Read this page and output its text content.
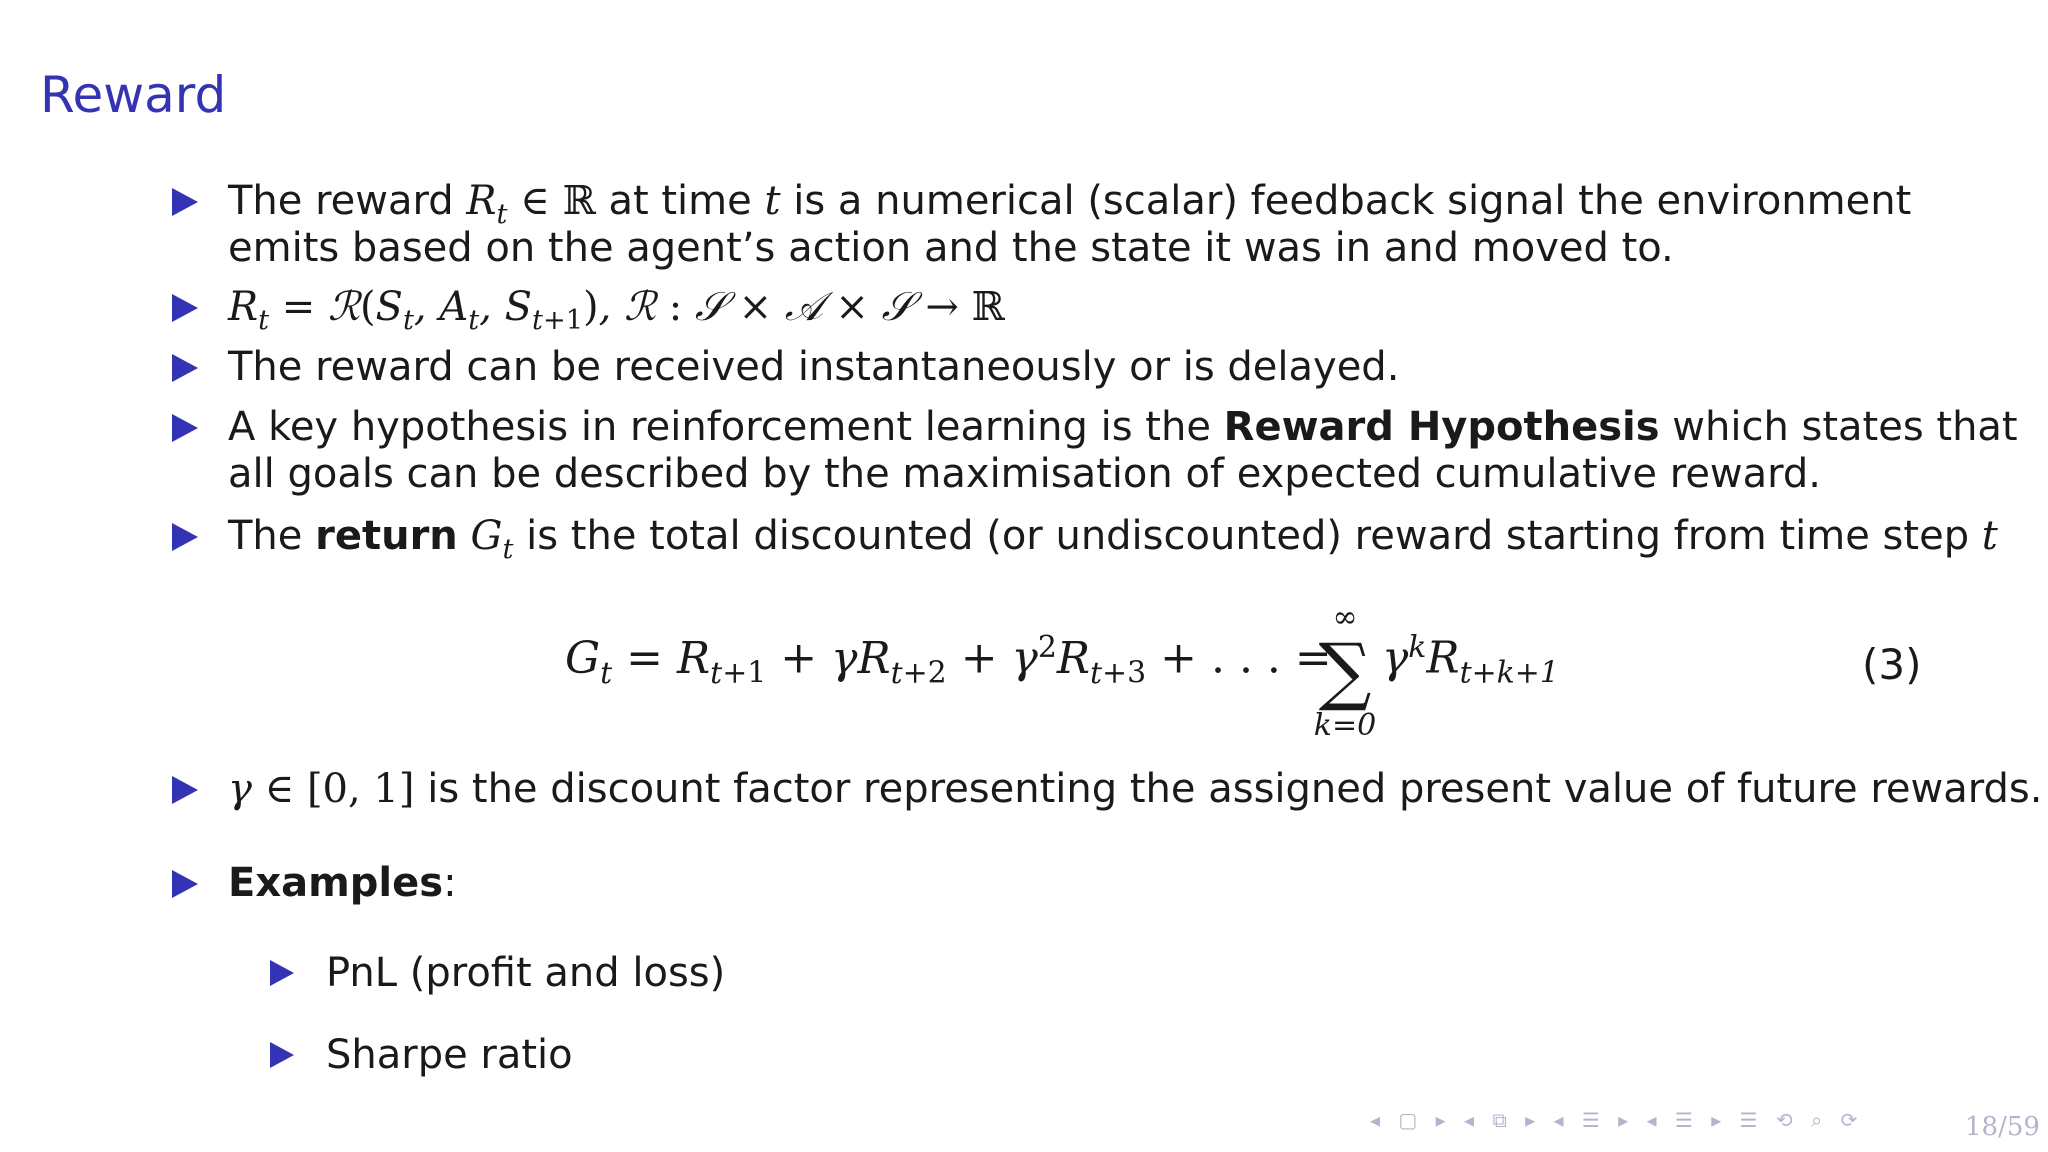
Reward
The reward $R_t$ ∈ ℝ at time t is a numerical (scalar) feedback signal the environment
emits based on the agent’s action and the state it was in and moved to.
$R_t$ = $ℛ(S_t$, $A_t$, $S_{t+1}$), ℛ : 𝒮 × 𝒜 × 𝒮 → ℝ
The reward can be received instantaneously or is delayed.
A key hypothesis in reinforcement learning is the Reward Hypothesis which states that
all goals can be described by the maximisation of expected cumulative reward.
The return $G_t$ is the total discounted (or undiscounted) reward starting from time step t
$G_t = R_{t+1} + \gamma R_{t+2} + \gamma^2R_{t+3}$ + . . . =
∞
∑
k=0
$\gamma^kR_{t+k+1}$	(3)
γ ∈ [0, 1] is the discount factor representing the assigned present value of future rewards.
Examples:
PnL (profit and loss)
Sharpe ratio
◂ ▢ ▸ ◂ ⧉ ▸ ◂ ☰ ▸ ◂ ☰ ▸ ☰ ⟲ ⌕ ⟳	18/59
